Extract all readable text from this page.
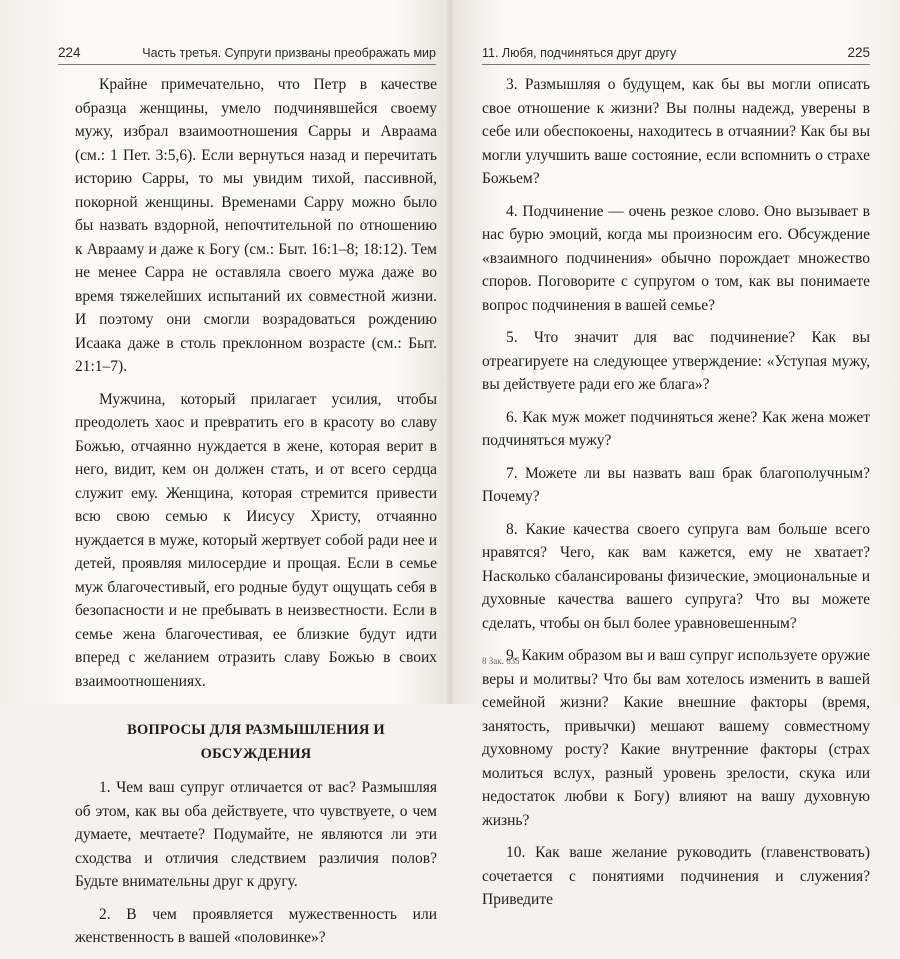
224	Часть третья. Супруги призваны преображать мир

Крайне примечательно, что Петр в качестве образца женщины, умело подчинявшейся своему мужу, избрал взаимоотношения Сарры и Авраама (см.: 1 Пет. 3:5,6). Если вернуться назад и перечитать историю Сарры, то мы увидим тихой, пассивной, покорной женщины. Временами Сарру можно было бы назвать вздорной, непочтительной по отношению к Аврааму и даже к Богу (см.: Быт. 16:1–8; 18:12). Тем не менее Сарра не оставляла своего мужа даже во время тяжелейших испытаний их совместной жизни. И поэтому они смогли возрадоваться рождению Исаака даже в столь преклонном возрасте (см.: Быт. 21:1–7).

Мужчина, который прилагает усилия, чтобы преодолеть хаос и превратить его в красоту во славу Божью, отчаянно нуждается в жене, которая верит в него, видит, кем он должен стать, и от всего сердца служит ему. Женщина, которая стремится привести всю свою семью к Иисусу Христу, отчаянно нуждается в муже, который жертвует собой ради нее и детей, проявляя милосердие и прощая. Если в семье муж благочестивый, его родные будут ощущать себя в безопасности и не пребывать в неизвестности. Если в семье жена благочестивая, ее близкие будут идти вперед с желанием отразить славу Божью в своих взаимоотношениях.

ВОПРОСЫ ДЛЯ РАЗМЫШЛЕНИЯ И ОБСУЖДЕНИЯ

1. Чем ваш супруг отличается от вас? Размышляя об этом, как вы оба действуете, что чувствуете, о чем думаете, мечтаете? Подумайте, не являются ли эти сходства и отличия следствием различия полов? Будьте внимательны друг к другу.

2. В чем проявляется мужественность или женственность в вашей «половинке»?

11. Любя, подчиняться друг другу	225

3. Размышляя о будущем, как бы вы могли описать свое отношение к жизни? Вы полны надежд, уверены в себе или обеспокоены, находитесь в отчаянии? Как бы вы могли улучшить ваше состояние, если вспомнить о страхе Божьем?

4. Подчинение — очень резкое слово. Оно вызывает в нас бурю эмоций, когда мы произносим его. Обсуждение «взаимного подчинения» обычно порождает множество споров. Поговорите с супругом о том, как вы понимаете вопрос подчинения в вашей семье?

5. Что значит для вас подчинение? Как вы отреагируете на следующее утверждение: «Уступая мужу, вы действуете ради его же блага»?

6. Как муж может подчиняться жене? Как жена может подчиняться мужу?

7. Можете ли вы назвать ваш брак благополучным? Почему?

8. Какие качества своего супруга вам больше всего нравятся? Чего, как вам кажется, ему не хватает? Насколько сбалансированы физические, эмоциональные и духовные качества вашего супруга? Что вы можете сделать, чтобы он был более уравновешенным?

9. Каким образом вы и ваш супруг используете оружие веры и молитвы? Что бы вам хотелось изменить в вашей семейной жизни? Какие внешние факторы (время, занятость, привычки) мешают вашему совместному духовному росту? Какие внутренние факторы (страх молиться вслух, разный уровень зрелости, скука или недостаток любви к Богу) влияют на вашу духовную жизнь?

10. Как ваше желание руководить (главенствовать) сочетается с понятиями подчинения и служения? Приведите

8 Зак. 635
